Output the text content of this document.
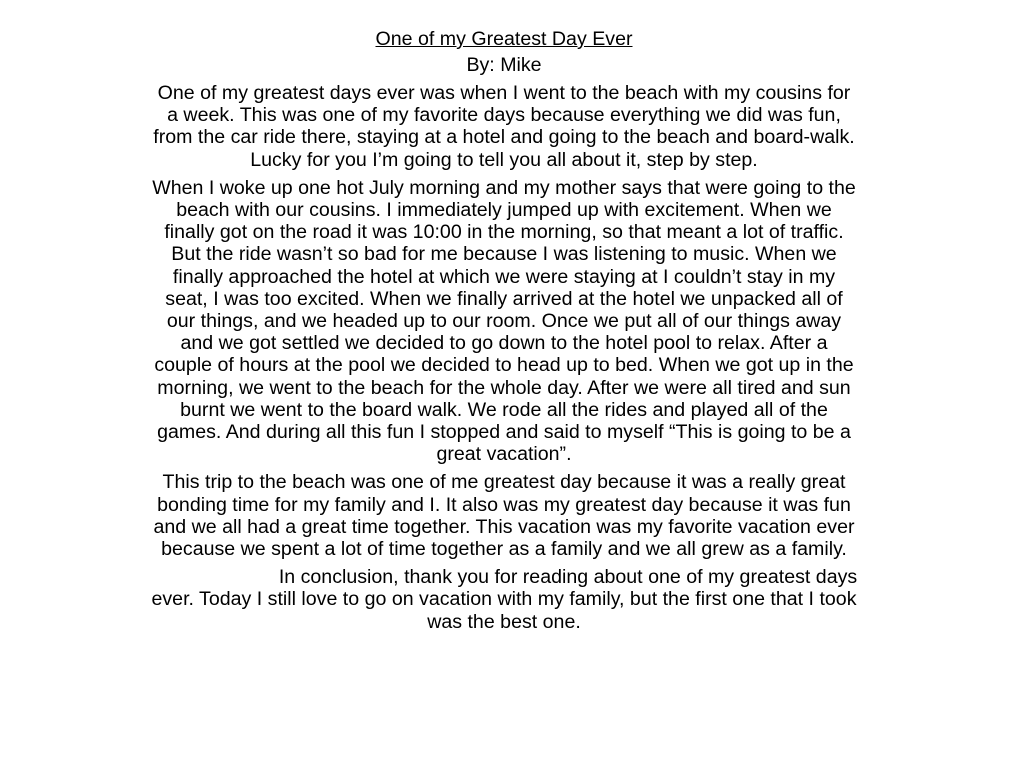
One of my Greatest Day Ever
By: Mike

One of my greatest days ever was when I went to the beach with my cousins for a week. This was one of my favorite days because everything we did was fun, from the car ride there, staying at a hotel and going to the beach and board-walk. Lucky for you I’m going to tell you all about it, step by step.

When I woke up one hot July morning and my mother says that were going to the beach with our cousins. I immediately jumped up with excitement. When we finally got on the road it was 10:00 in the morning, so that meant a lot of traffic. But the ride wasn’t so bad for me because I was listening to music. When we finally approached the hotel at which we were staying at I couldn’t stay in my seat, I was too excited. When we finally arrived at the hotel we unpacked all of our things, and we headed up to our room. Once we put all of our things away and we got settled we decided to go down to the hotel pool to relax. After a couple of hours at the pool we decided to head up to bed. When we got up in the morning, we went to the beach for the whole day. After we were all tired and sun burnt we went to the board walk. We rode all the rides and played all of the games. And during all this fun I stopped and said to myself “This is going to be a great vacation”.

This trip to the beach was one of me greatest day because it was a really great bonding time for my family and I. It also was my greatest day because it was fun and we all had a great time together. This vacation was my favorite vacation ever because we spent a lot of time together as a family and we all grew as a family.

In conclusion, thank you for reading about one of my greatest days ever. Today I still love to go on vacation with my family, but the first one that I took was the best one.
